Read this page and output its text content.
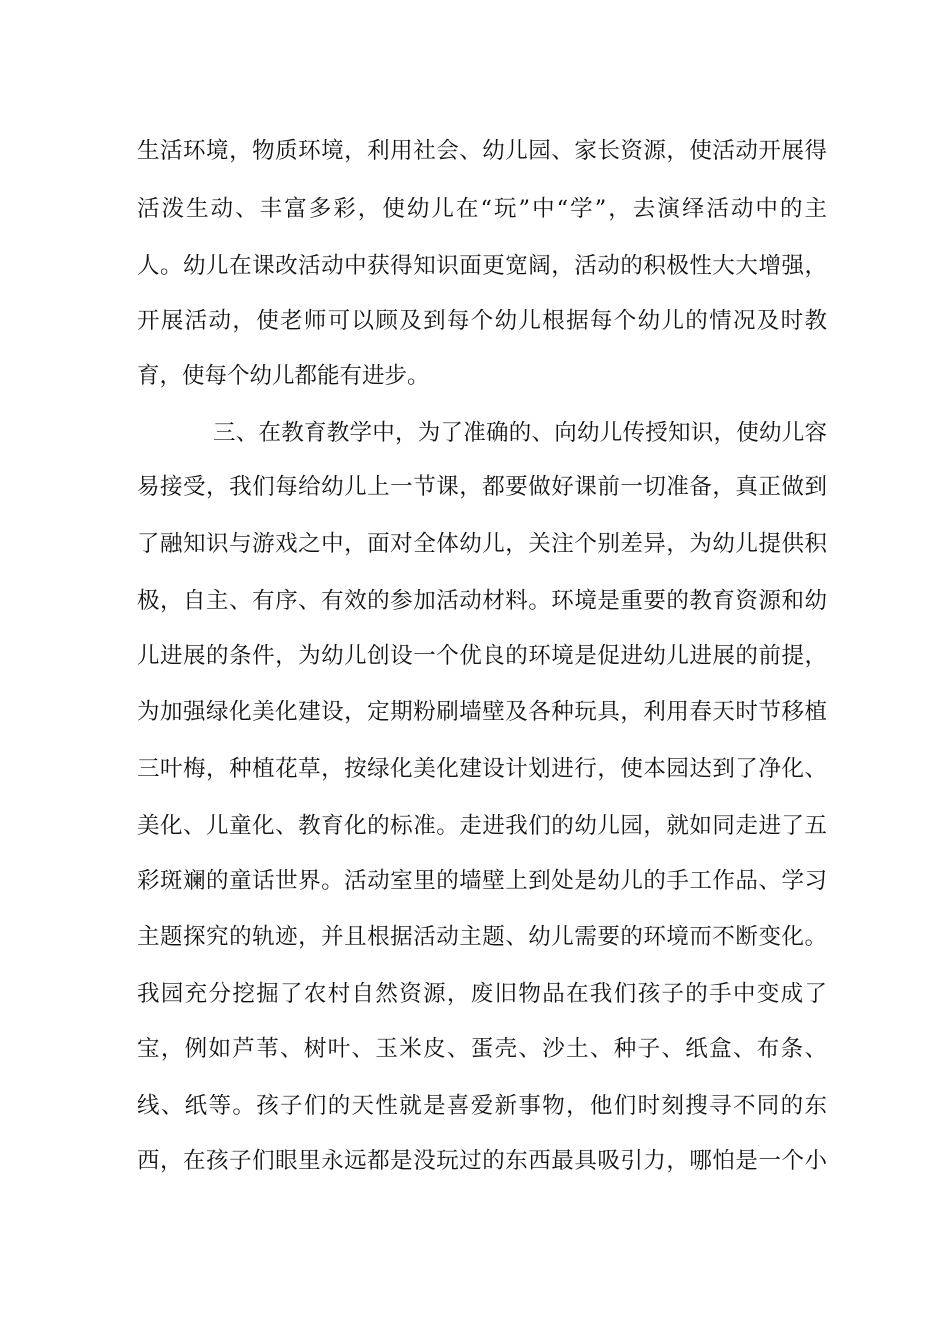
生活环境，物质环境，利用社会、幼儿园、家长资源，使活动开展得
活泼生动、丰富多彩，使幼儿在“玩”中“学”，去演绎活动中的主
人。幼儿在课改活动中获得知识面更宽阔，活动的积极性大大增强，
开展活动，使老师可以顾及到每个幼儿根据每个幼儿的情况及时教
育，使每个幼儿都能有进步。
三、在教育教学中，为了准确的、向幼儿传授知识，使幼儿容
易接受，我们每给幼儿上一节课，都要做好课前一切准备，真正做到
了融知识与游戏之中，面对全体幼儿，关注个别差异，为幼儿提供积
极，自主、有序、有效的参加活动材料。环境是重要的教育资源和幼
儿进展的条件，为幼儿创设一个优良的环境是促进幼儿进展的前提，
为加强绿化美化建设，定期粉刷墙壁及各种玩具，利用春天时节移植
三叶梅，种植花草，按绿化美化建设计划进行，使本园达到了净化、
美化、儿童化、教育化的标准。走进我们的幼儿园，就如同走进了五
彩斑斓的童话世界。活动室里的墙壁上到处是幼儿的手工作品、学习
主题探究的轨迹，并且根据活动主题、幼儿需要的环境而不断变化。
我园充分挖掘了农村自然资源，废旧物品在我们孩子的手中变成了
宝，例如芦苇、树叶、玉米皮、蛋壳、沙土、种子、纸盒、布条、
线、纸等。孩子们的天性就是喜爱新事物，他们时刻搜寻不同的东
西，在孩子们眼里永远都是没玩过的东西最具吸引力，哪怕是一个小
